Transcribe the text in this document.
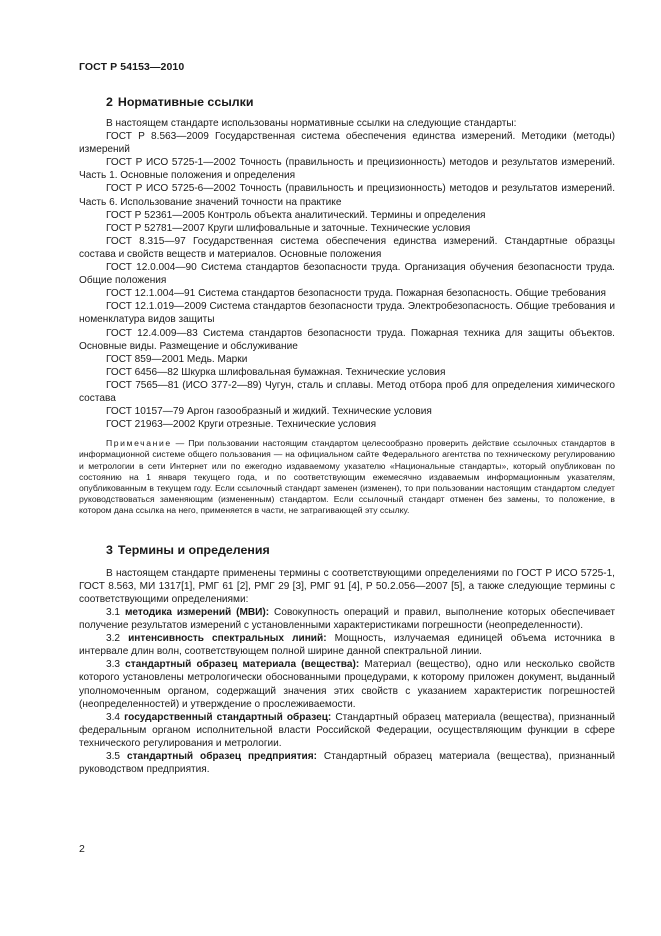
ГОСТ Р 54153—2010
2 Нормативные ссылки

В настоящем стандарте использованы нормативные ссылки на следующие стандарты:

ГОСТ Р 8.563—2009 Государственная система обеспечения единства измерений. Методики (методы) измерений

ГОСТ Р ИСО 5725-1—2002 Точность (правильность и прецизионность) методов и результатов измерений. Часть 1. Основные положения и определения

ГОСТ Р ИСО 5725-6—2002 Точность (правильность и прецизионность) методов и результатов измерений. Часть 6. Использование значений точности на практике

ГОСТ Р 52361—2005 Контроль объекта аналитический. Термины и определения

ГОСТ Р 52781—2007 Круги шлифовальные и заточные. Технические условия

ГОСТ 8.315—97 Государственная система обеспечения единства измерений. Стандартные образцы состава и свойств веществ и материалов. Основные положения

ГОСТ 12.0.004—90 Система стандартов безопасности труда. Организация обучения безопасности труда. Общие положения

ГОСТ 12.1.004—91 Система стандартов безопасности труда. Пожарная безопасность. Общие требования

ГОСТ 12.1.019—2009 Система стандартов безопасности труда. Электробезопасность. Общие требования и номенклатура видов защиты

ГОСТ 12.4.009—83 Система стандартов безопасности труда. Пожарная техника для защиты объектов. Основные виды. Размещение и обслуживание

ГОСТ 859—2001 Медь. Марки

ГОСТ 6456—82 Шкурка шлифовальная бумажная. Технические условия

ГОСТ 7565—81 (ИСО 377-2—89) Чугун, сталь и сплавы. Метод отбора проб для определения химического состава

ГОСТ 10157—79 Аргон газообразный и жидкий. Технические условия

ГОСТ 21963—2002 Круги отрезные. Технические условия

Примечание — При пользовании настоящим стандартом целесообразно проверить действие ссылочных стандартов в информационной системе общего пользования — на официальном сайте Федерального агентства по техническому регулированию и метрологии в сети Интернет или по ежегодно издаваемому указателю «Национальные стандарты», который опубликован по состоянию на 1 января текущего года, и по соответствующим ежемесячно издаваемым информационным указателям, опубликованным в текущем году. Если ссылочный стандарт заменен (изменен), то при пользовании настоящим стандартом следует руководствоваться заменяющим (измененным) стандартом. Если ссылочный стандарт отменен без замены, то положение, в котором дана ссылка на него, применяется в части, не затрагивающей эту ссылку.
3 Термины и определения

В настоящем стандарте применены термины с соответствующими определениями по ГОСТ Р ИСО 5725-1, ГОСТ 8.563, МИ 1317[1], РМГ 61 [2], РМГ 29 [3], РМГ 91 [4], Р 50.2.056—2007 [5], а также следующие термины с соответствующими определениями:

3.1 методика измерений (МВИ): Совокупность операций и правил, выполнение которых обеспечивает получение результатов измерений с установленными характеристиками погрешности (неопределенности).

3.2 интенсивность спектральных линий: Мощность, излучаемая единицей объема источника в интервале длин волн, соответствующем полной ширине данной спектральной линии.

3.3 стандартный образец материала (вещества): Материал (вещество), одно или несколько свойств которого установлены метрологически обоснованными процедурами, к которому приложен документ, выданный уполномоченным органом, содержащий значения этих свойств с указанием характеристик погрешностей (неопределенностей) и утверждение о прослеживаемости.

3.4 государственный стандартный образец: Стандартный образец материала (вещества), признанный федеральным органом исполнительной власти Российской Федерации, осуществляющим функции в сфере технического регулирования и метрологии.

3.5 стандартный образец предприятия: Стандартный образец материала (вещества), признанный руководством предприятия.

2
